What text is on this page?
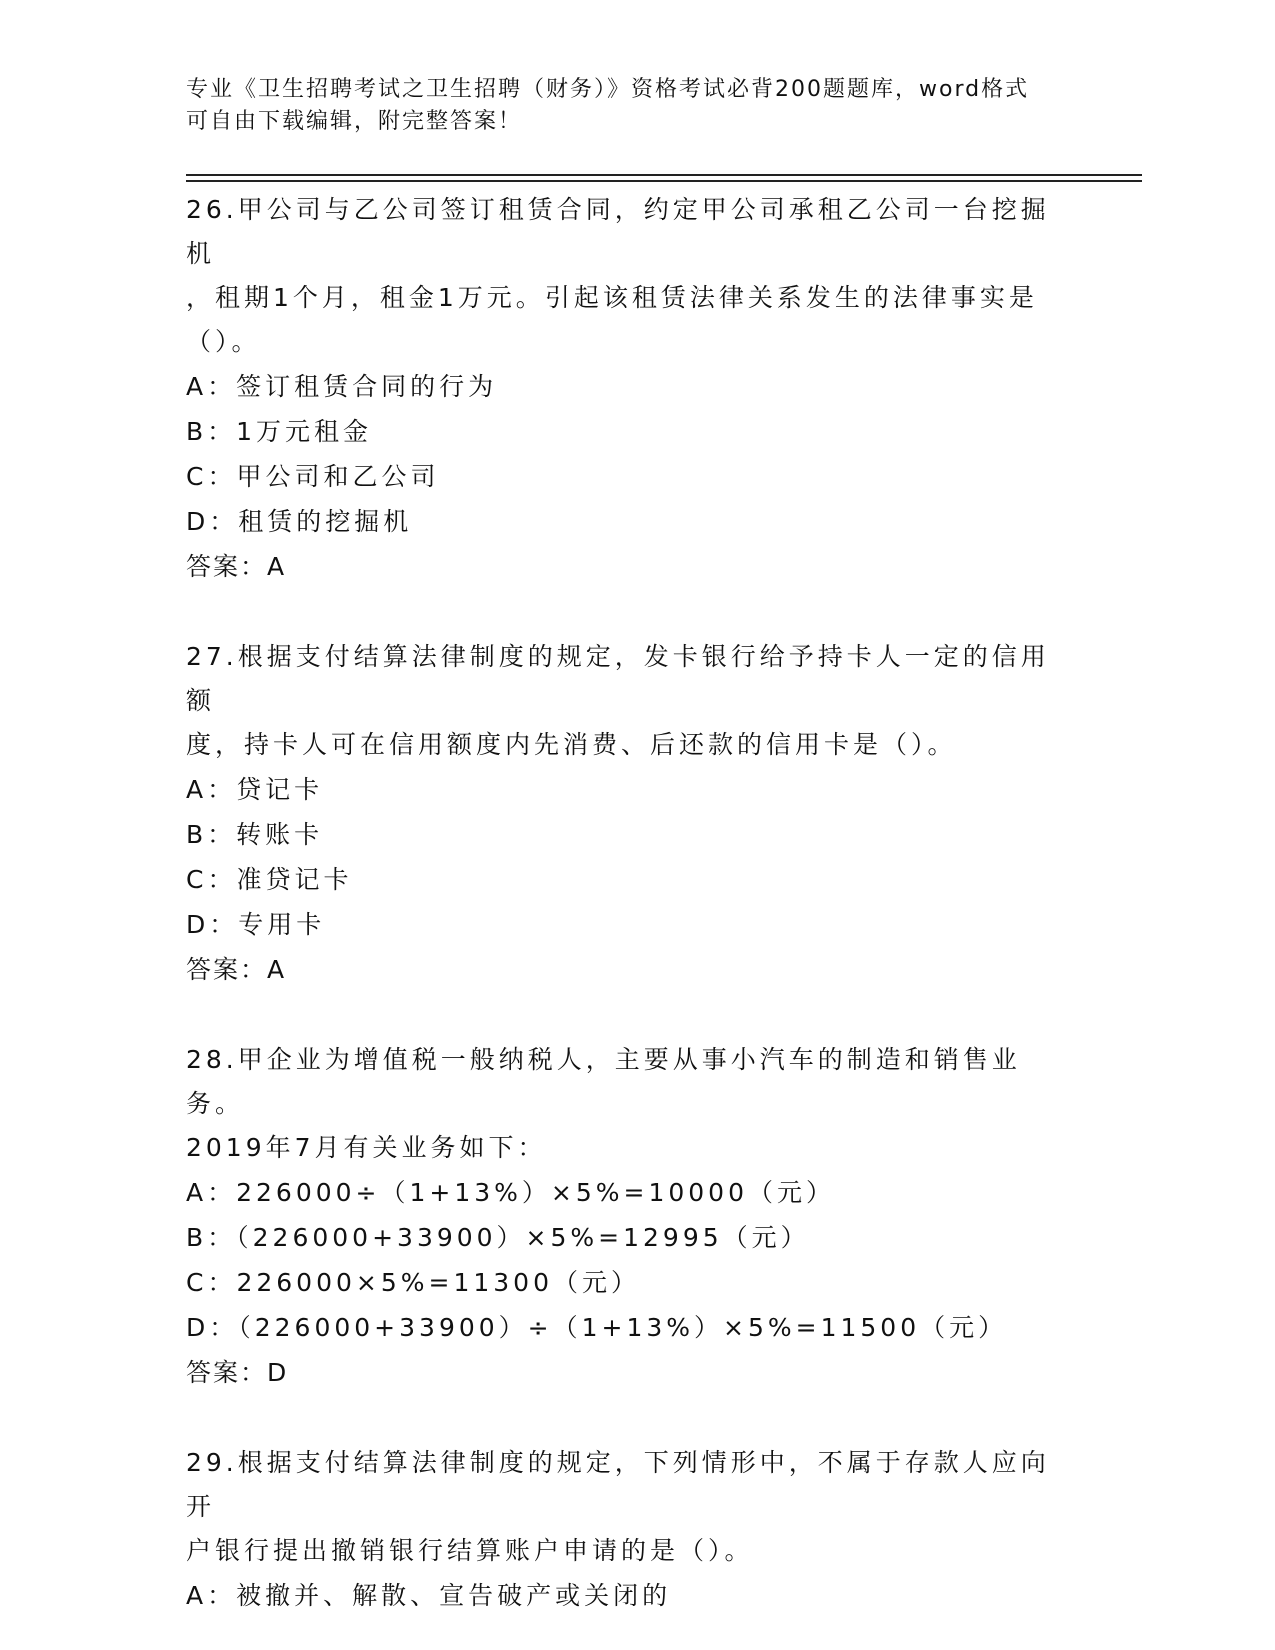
专业《卫生招聘考试之卫生招聘（财务）》资格考试必背200题题库，word格式
可自由下载编辑，附完整答案！
26.甲公司与乙公司签订租赁合同，约定甲公司承租乙公司一台挖掘机
，租期1个月，租金1万元。引起该租赁法律关系发生的法律事实是
（）。
A：签订租赁合同的行为
B：1万元租金
C：甲公司和乙公司
D：租赁的挖掘机
答案：A
27.根据支付结算法律制度的规定，发卡银行给予持卡人一定的信用额
度，持卡人可在信用额度内先消费、后还款的信用卡是（）。
A：贷记卡
B：转账卡
C：准贷记卡
D：专用卡
答案：A
28.甲企业为增值税一般纳税人，主要从事小汽车的制造和销售业务。
2019年7月有关业务如下：
A：226000÷（1+13%）×5%=10000（元）
B：（226000+33900）×5%=12995（元）
C：226000×5%=11300（元）
D：（226000+33900）÷（1+13%）×5%=11500（元）
答案：D
29.根据支付结算法律制度的规定，下列情形中，不属于存款人应向开
户银行提出撤销银行结算账户申请的是（）。
A：被撤并、解散、宣告破产或关闭的
